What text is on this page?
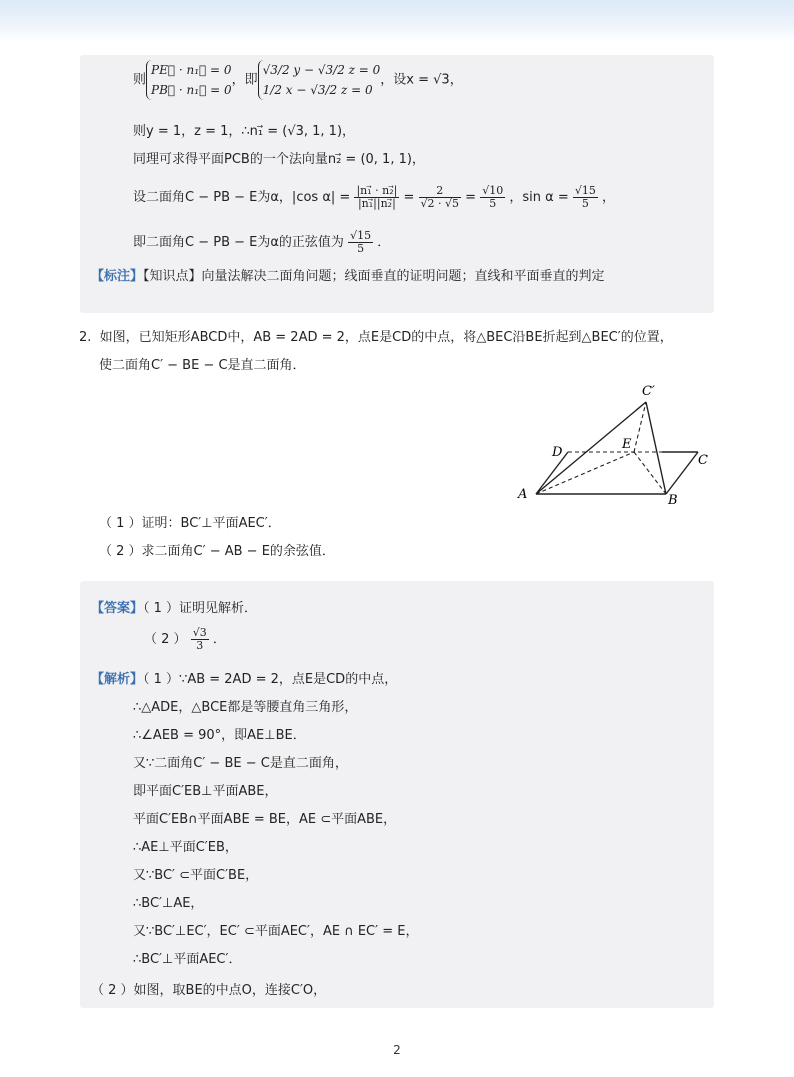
则
PE⃗ · n₁⃗ = 0
PB⃗ · n₁⃗ = 0
，即
√3/2 y − √3/2 z = 0
1/2 x − √3/2 z = 0
，设x = √3，
则y = 1，z = 1，∴n₁⃗ = (√3, 1, 1)，
同理可求得平面PCB的一个法向量n₂⃗ = (0, 1, 1)，
设二面角C − PB − E为α，|cos $\alpha| = \frac{\text{|n₁⃗ · n₂⃗|}}{\text{|n₁⃗||n₂⃗|}} = \frac{2}{√2 \cdot √5} = \frac{√10}{5}$ ，$\sin \alpha = \frac{√15}{5}$ ，
即二面角C − PB − E为α的正弦值为 $\frac{√15}{5}$ ．
【标注】【知识点】向量法解决二面角问题；线面垂直的证明问题；直线和平面垂直的判定
2. 如图，已知矩形ABCD中，AB = 2AD = 2，点E是CD的中点，将△BEC沿BE折起到△BEC′的位置，
使二面角C′ − BE − C是直二面角．
A	B
C
D
E
C′
（ 1 ）证明：BC′⊥平面AEC′．
（ 2 ）求二面角C′ − AB − E的余弦值．
【答案】（ 1 ）证明见解析．
（ 2 ） $\frac{√3}{3}$ ．
【解析】（ 1 ）∵AB = 2AD = 2，点E是CD的中点，
∴△ADE，△BCE都是等腰直角三角形，
∴∠AEB = 90°，即AE⊥BE．
又∵二面角C′ − BE − C是直二面角，
即平面C′EB⊥平面ABE，
平面C′EB∩平面ABE = BE，AE ⊂平面ABE，
∴AE⊥平面C′EB，
又∵BC′ ⊂平面C′BE，
∴BC′⊥AE，
又∵BC′⊥EC′，EC′ ⊂平面AEC′，AE ∩ EC′ = E，
∴BC′⊥平面AEC′．
（ 2 ）如图，取BE的中点O，连接C′O，
2
